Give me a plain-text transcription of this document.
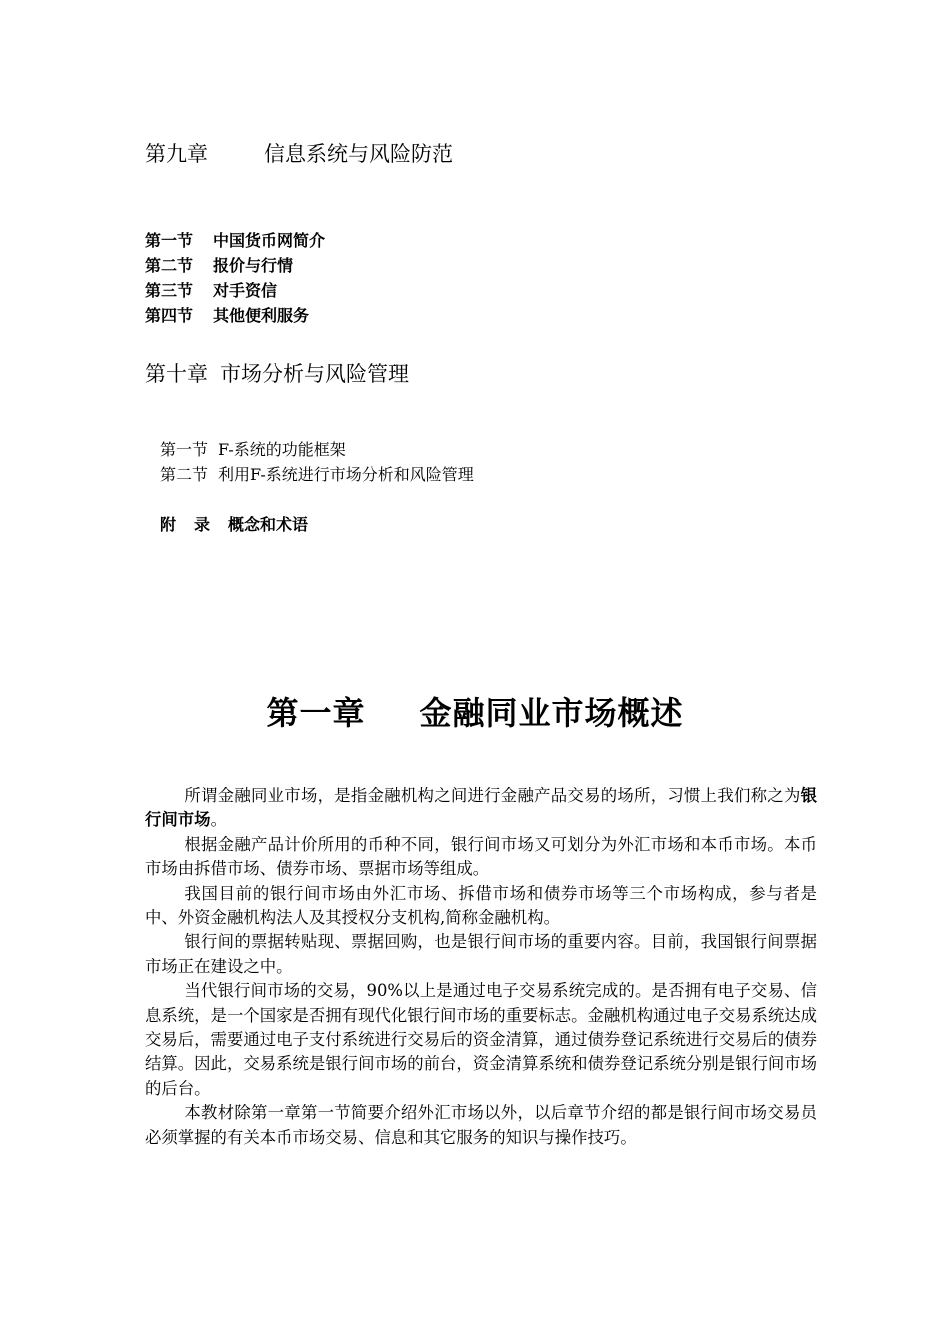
第九章	信息系统与风险防范
第一节 中国货币网简介
第二节 报价与行情
第三节 对手资信
第四节 其他便利服务
第十章 市场分析与风险管理
第一节 F-系统的功能框架
第二节 利用F-系统进行市场分析和风险管理
附 录 概念和术语
第一章 金融同业市场概述

所谓金融同业市场，是指金融机构之间进行金融产品交易的场所，习惯上我们称之为银行间市场。

根据金融产品计价所用的币种不同，银行间市场又可划分为外汇市场和本币市场。本币市场由拆借市场、债券市场、票据市场等组成。

我国目前的银行间市场由外汇市场、拆借市场和债券市场等三个市场构成，参与者是中、外资金融机构法人及其授权分支机构,简称金融机构。

银行间的票据转贴现、票据回购，也是银行间市场的重要内容。目前，我国银行间票据市场正在建设之中。

当代银行间市场的交易，90%以上是通过电子交易系统完成的。是否拥有电子交易、信息系统，是一个国家是否拥有现代化银行间市场的重要标志。金融机构通过电子交易系统达成交易后，需要通过电子支付系统进行交易后的资金清算，通过债券登记系统进行交易后的债券结算。因此，交易系统是银行间市场的前台，资金清算系统和债券登记系统分别是银行间市场的后台。

本教材除第一章第一节简要介绍外汇市场以外，以后章节介绍的都是银行间市场交易员必须掌握的有关本币市场交易、信息和其它服务的知识与操作技巧。
